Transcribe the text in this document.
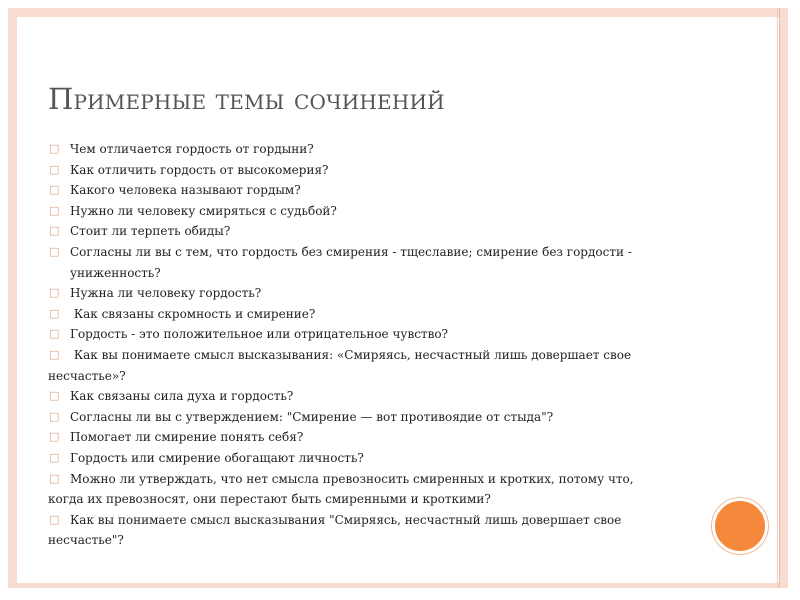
Примерные темы сочинений

□ Чем отличается гордость от гордыни?

□ Как отличить гордость от высокомерия?

□ Какого человека называют гордым?

□ Нужно ли человеку смиряться с судьбой?

□ Стоит ли терпеть обиды?

□ Согласны ли вы с тем, что гордость без смирения - тщеславие; смирение без гордости -
униженность?

□ Нужна ли человеку гордость?

□ Как связаны скромность и смирение?

□ Гордость - это положительное или отрицательное чувство?

□ Как вы понимаете смысл высказывания: «Смиряясь, несчастный лишь довершает свое
несчастье»?

□ Как связаны сила духа и гордость?

□ Согласны ли вы с утверждением: "Смирение — вот противоядие от стыда"?

□ Помогает ли смирение понять себя?

□ Гордость или смирение обогащают личность?

□ Можно ли утверждать, что нет смысла превозносить смиренных и кротких, потому что,
когда их превозносят, они перестают быть смиренными и кроткими?

□ Как вы понимаете смысл высказывания "Смиряясь, несчастный лишь довершает свое
несчастье"?
